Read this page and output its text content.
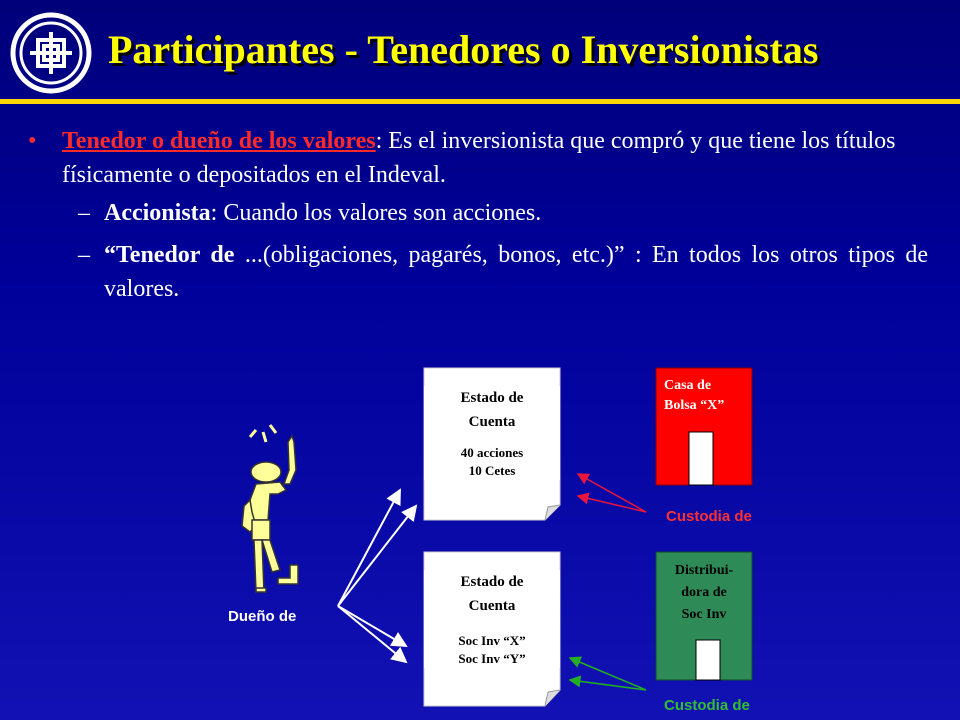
Participantes - Tenedores o Inversionistas
• Tenedor o dueño de los valores: Es el inversionista que compró y que tiene los títulos físicamente o depositados en el Indeval.
– Accionista: Cuando los valores son acciones.
– “Tenedor de ...(obligaciones, pagarés, bonos, etc.)” : En todos los otros tipos de valores.
Dueño de
Estado de
Cuenta
40 acciones
10 Cetes
Estado de
Cuenta
Soc Inv “X”
Soc Inv “Y”
Casa de
Bolsa “X”
Distribui-
dora de
Soc Inv
Custodia de
Custodia de
